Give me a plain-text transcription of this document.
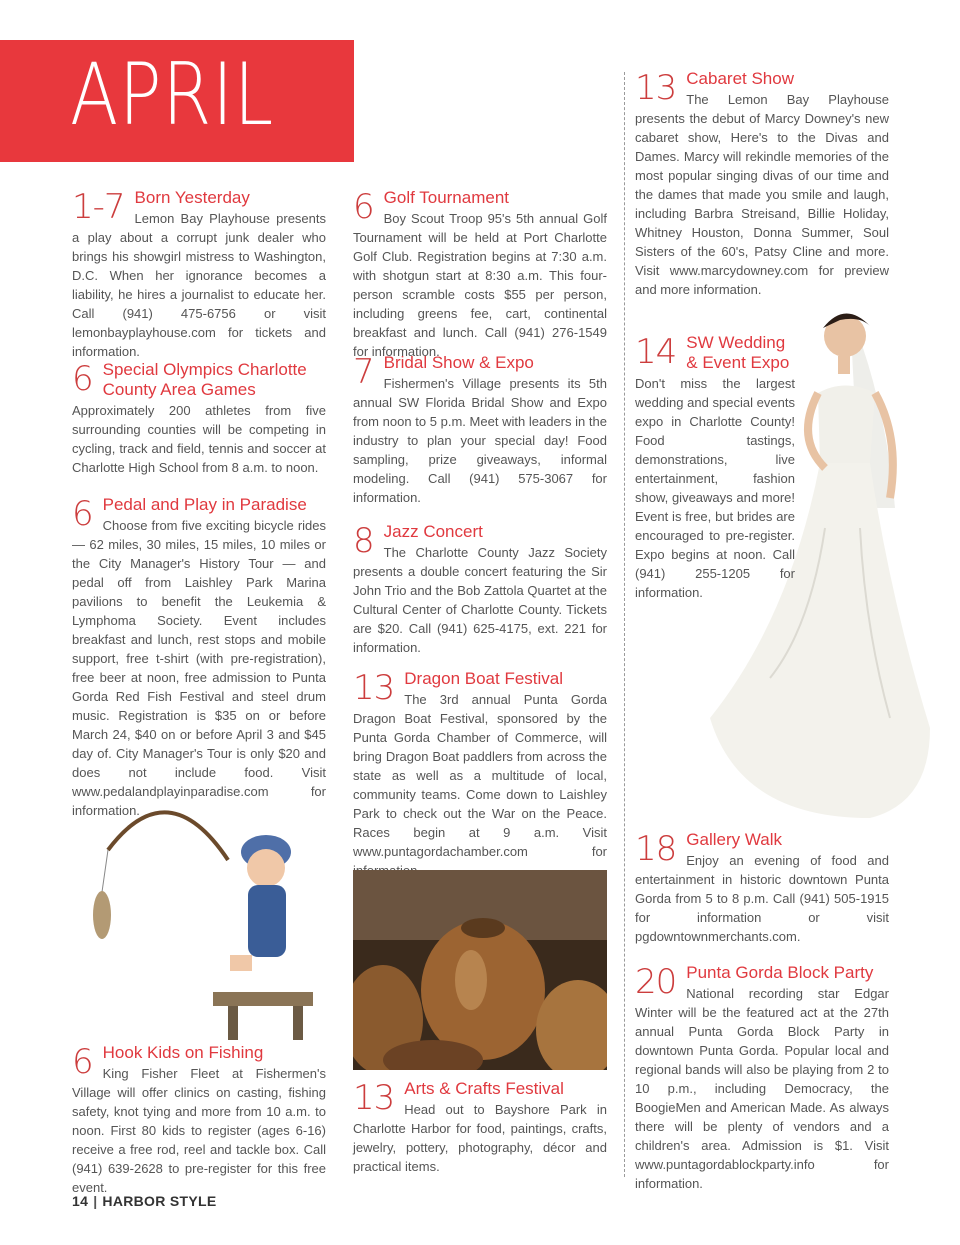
APRIL
1-7 Born Yesterday
Lemon Bay Playhouse presents a play about a corrupt junk dealer who brings his showgirl mistress to Washington, D.C. When her ignorance becomes a liability, he hires a journalist to educate her. Call (941) 475-6756 or visit lemonbayplayhouse.com for tickets and information.
6 Special Olympics Charlotte County Area Games
Approximately 200 athletes from five surrounding counties will be competing in cycling, track and field, tennis and soccer at Charlotte High School from 8 a.m. to noon.
6 Pedal and Play in Paradise
Choose from five exciting bicycle rides — 62 miles, 30 miles, 15 miles, 10 miles or the City Manager's History Tour — and pedal off from Laishley Park Marina pavilions to benefit the Leukemia & Lymphoma Society. Event includes breakfast and lunch, rest stops and mobile support, free t-shirt (with pre-registration), free beer at noon, free admission to Punta Gorda Red Fish Festival and steel drum music. Registration is $35 on or before March 24, $40 on or before April 3 and $45 day of. City Manager's Tour is only $20 and does not include food. Visit www.pedalandplayinparadise.com for information.
6 Hook Kids on Fishing
King Fisher Fleet at Fishermen's Village will offer clinics on casting, fishing safety, knot tying and more from 10 a.m. to noon. First 80 kids to register (ages 6-16) receive a free rod, reel and tackle box. Call (941) 639-2628 to pre-register for this free event.
6 Golf Tournament
Boy Scout Troop 95's 5th annual Golf Tournament will be held at Port Charlotte Golf Club. Registration begins at 7:30 a.m. with shotgun start at 8:30 a.m. This four-person scramble costs $55 per person, including greens fee, cart, continental breakfast and lunch. Call (941) 276-1549 for information.
7 Bridal Show & Expo
Fishermen's Village presents its 5th annual SW Florida Bridal Show and Expo from noon to 5 p.m. Meet with leaders in the industry to plan your special day! Food sampling, prize giveaways, informal modeling. Call (941) 575-3067 for information.
8 Jazz Concert
The Charlotte County Jazz Society presents a double concert featuring the Sir John Trio and the Bob Zattola Quartet at the Cultural Center of Charlotte County. Tickets are $20. Call (941) 625-4175, ext. 221 for information.
13 Dragon Boat Festival
The 3rd annual Punta Gorda Dragon Boat Festival, sponsored by the Punta Gorda Chamber of Commerce, will bring Dragon Boat paddlers from across the state as well as a multitude of local, community teams. Come down to Laishley Park to check out the War on the Peace. Races begin at 9 a.m. Visit www.puntagordachamber.com for
13 Arts & Crafts Festival
Head out to Bayshore Park in Charlotte Harbor for food, paintings, crafts, jewelry, pottery, photography, décor and practical items.
13 Cabaret Show
The Lemon Bay Playhouse presents the debut of Marcy Downey's new cabaret show, Here's to the Divas and Dames. Marcy will rekindle memories of the most popular singing divas of our time and the dames that made you smile and laugh, including Barbra Streisand, Billie Holiday, Whitney Houston, Donna Summer, Soul Sisters of the 60's, Patsy Cline and more. Visit www.marcydowney.com for preview and more information.
14 SW Wedding & Event Expo
Don't miss the largest wedding and special events expo in Charlotte County! Food tastings, demonstrations, live entertainment, fashion show, giveaways and more! Event is free, but brides are encouraged to pre-register. Expo begins at noon. Call (941) 255-1205 for information.
18 Gallery Walk
Enjoy an evening of food and entertainment in historic downtown Punta Gorda from 5 to 8 p.m. Call (941) 505-1915 for information or visit pgdowntownmerchants.com.
20 Punta Gorda Block Party
National recording star Edgar Winter will be the featured act at the 27th annual Punta Gorda Block Party in downtown Punta Gorda. Popular local and regional bands will also be playing from 2 to 10 p.m., including Democracy, the BoogieMen and American Made. As always there will be plenty of vendors and a children's area. Admission is $1. Visit www.puntagordablockparty.info for information.
14 | HARBOR STYLE
